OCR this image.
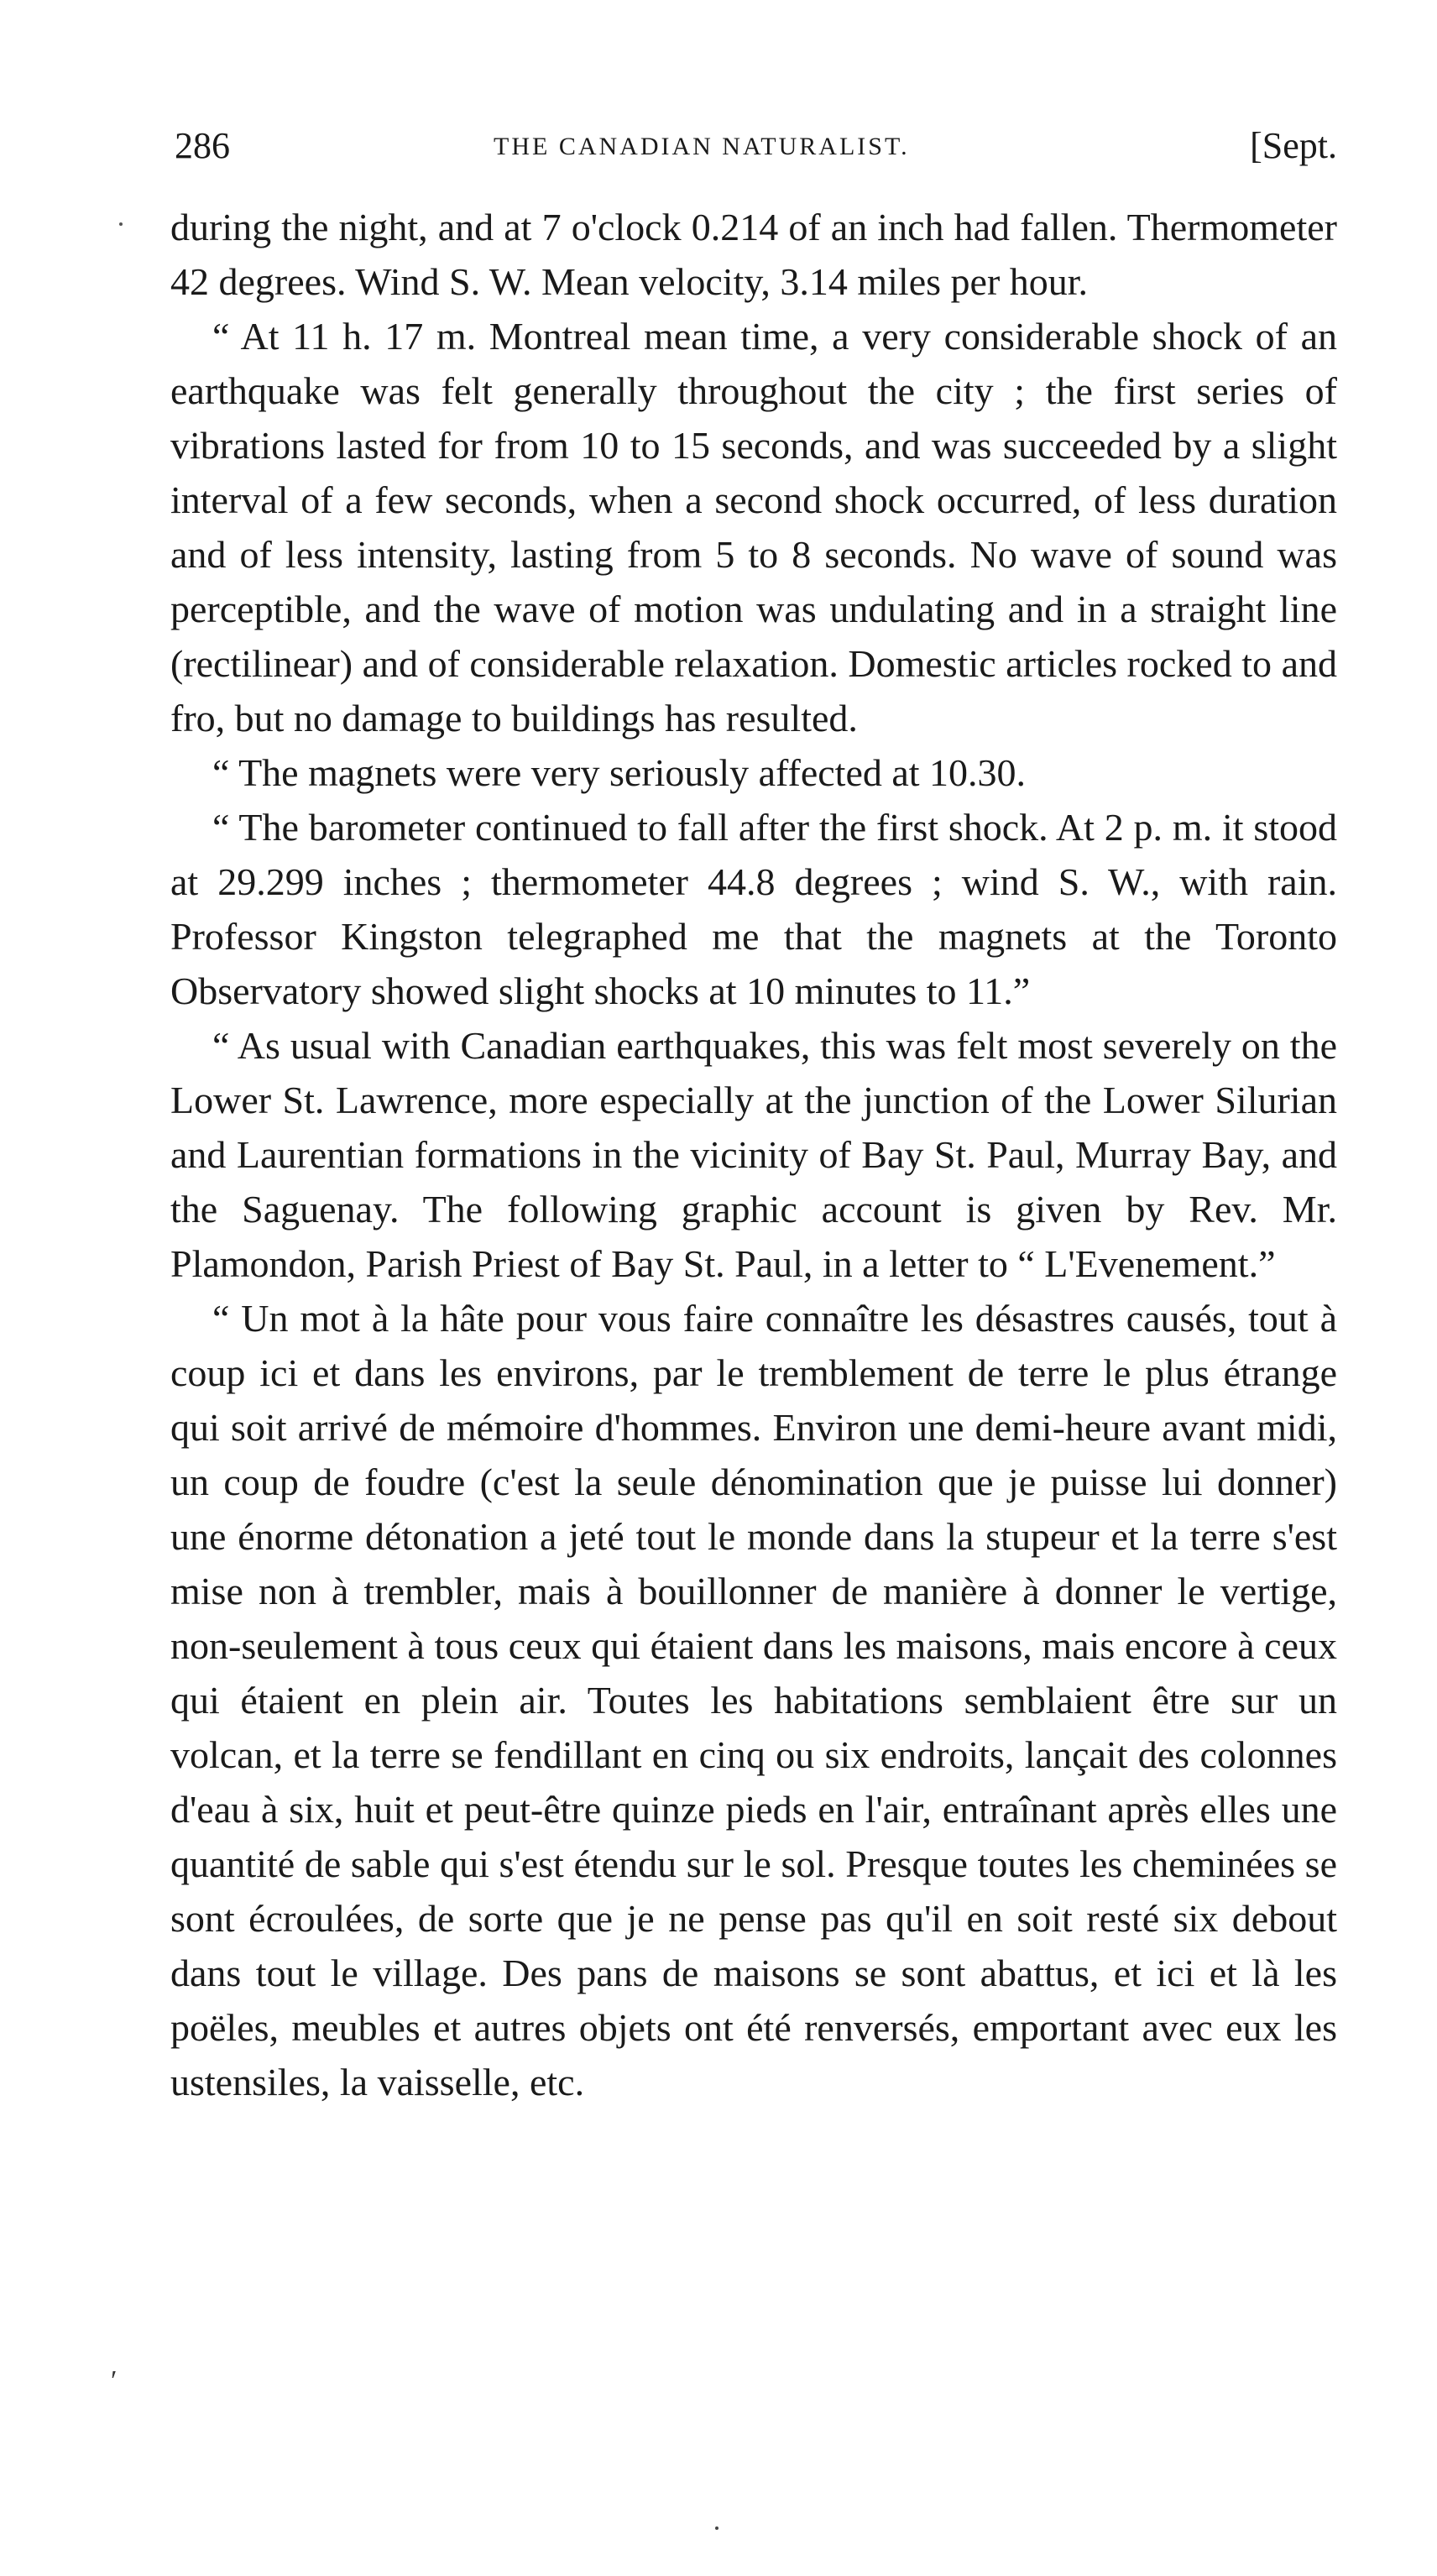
286	THE CANADIAN NATURALIST.	[Sept.

during the night, and at 7 o'clock 0.214 of an inch had fallen. Thermometer 42 degrees. Wind S. W. Mean velocity, 3.14 miles per hour.

“ At 11 h. 17 m. Montreal mean time, a very considerable shock of an earthquake was felt generally throughout the city ; the first series of vibrations lasted for from 10 to 15 seconds, and was succeeded by a slight interval of a few seconds, when a second shock occurred, of less duration and of less intensity, lasting from 5 to 8 seconds. No wave of sound was perceptible, and the wave of motion was undulating and in a straight line (rectilinear) and of considerable relaxation. Domestic articles rocked to and fro, but no damage to buildings has resulted.

“ The magnets were very seriously affected at 10.30.

“ The barometer continued to fall after the first shock. At 2 p. m. it stood at 29.299 inches ; thermometer 44.8 degrees ; wind S. W., with rain. Professor Kingston telegraphed me that the magnets at the Toronto Observatory showed slight shocks at 10 minutes to 11.”

“ As usual with Canadian earthquakes, this was felt most severely on the Lower St. Lawrence, more especially at the junction of the Lower Silurian and Laurentian formations in the vicinity of Bay St. Paul, Murray Bay, and the Saguenay. The following graphic account is given by Rev. Mr. Plamondon, Parish Priest of Bay St. Paul, in a letter to “ L'Evenement.”

“ Un mot à la hâte pour vous faire connaître les désastres causés, tout à coup ici et dans les environs, par le tremblement de terre le plus étrange qui soit arrivé de mémoire d'hommes. Environ une demi-heure avant midi, un coup de foudre (c'est la seule dénomination que je puisse lui donner) une énorme détonation a jeté tout le monde dans la stupeur et la terre s'est mise non à trembler, mais à bouillonner de manière à donner le vertige, non-seulement à tous ceux qui étaient dans les maisons, mais encore à ceux qui étaient en plein air. Toutes les habitations semblaient être sur un volcan, et la terre se fendillant en cinq ou six endroits, lançait des colonnes d'eau à six, huit et peut-être quinze pieds en l'air, entraînant après elles une quantité de sable qui s'est étendu sur le sol. Presque toutes les cheminées se sont écroulées, de sorte que je ne pense pas qu'il en soit resté six debout dans tout le village. Des pans de maisons se sont abattus, et ici et là les poëles, meubles et autres objets ont été renversés, emportant avec eux les ustensiles, la vaisselle, etc.

′
